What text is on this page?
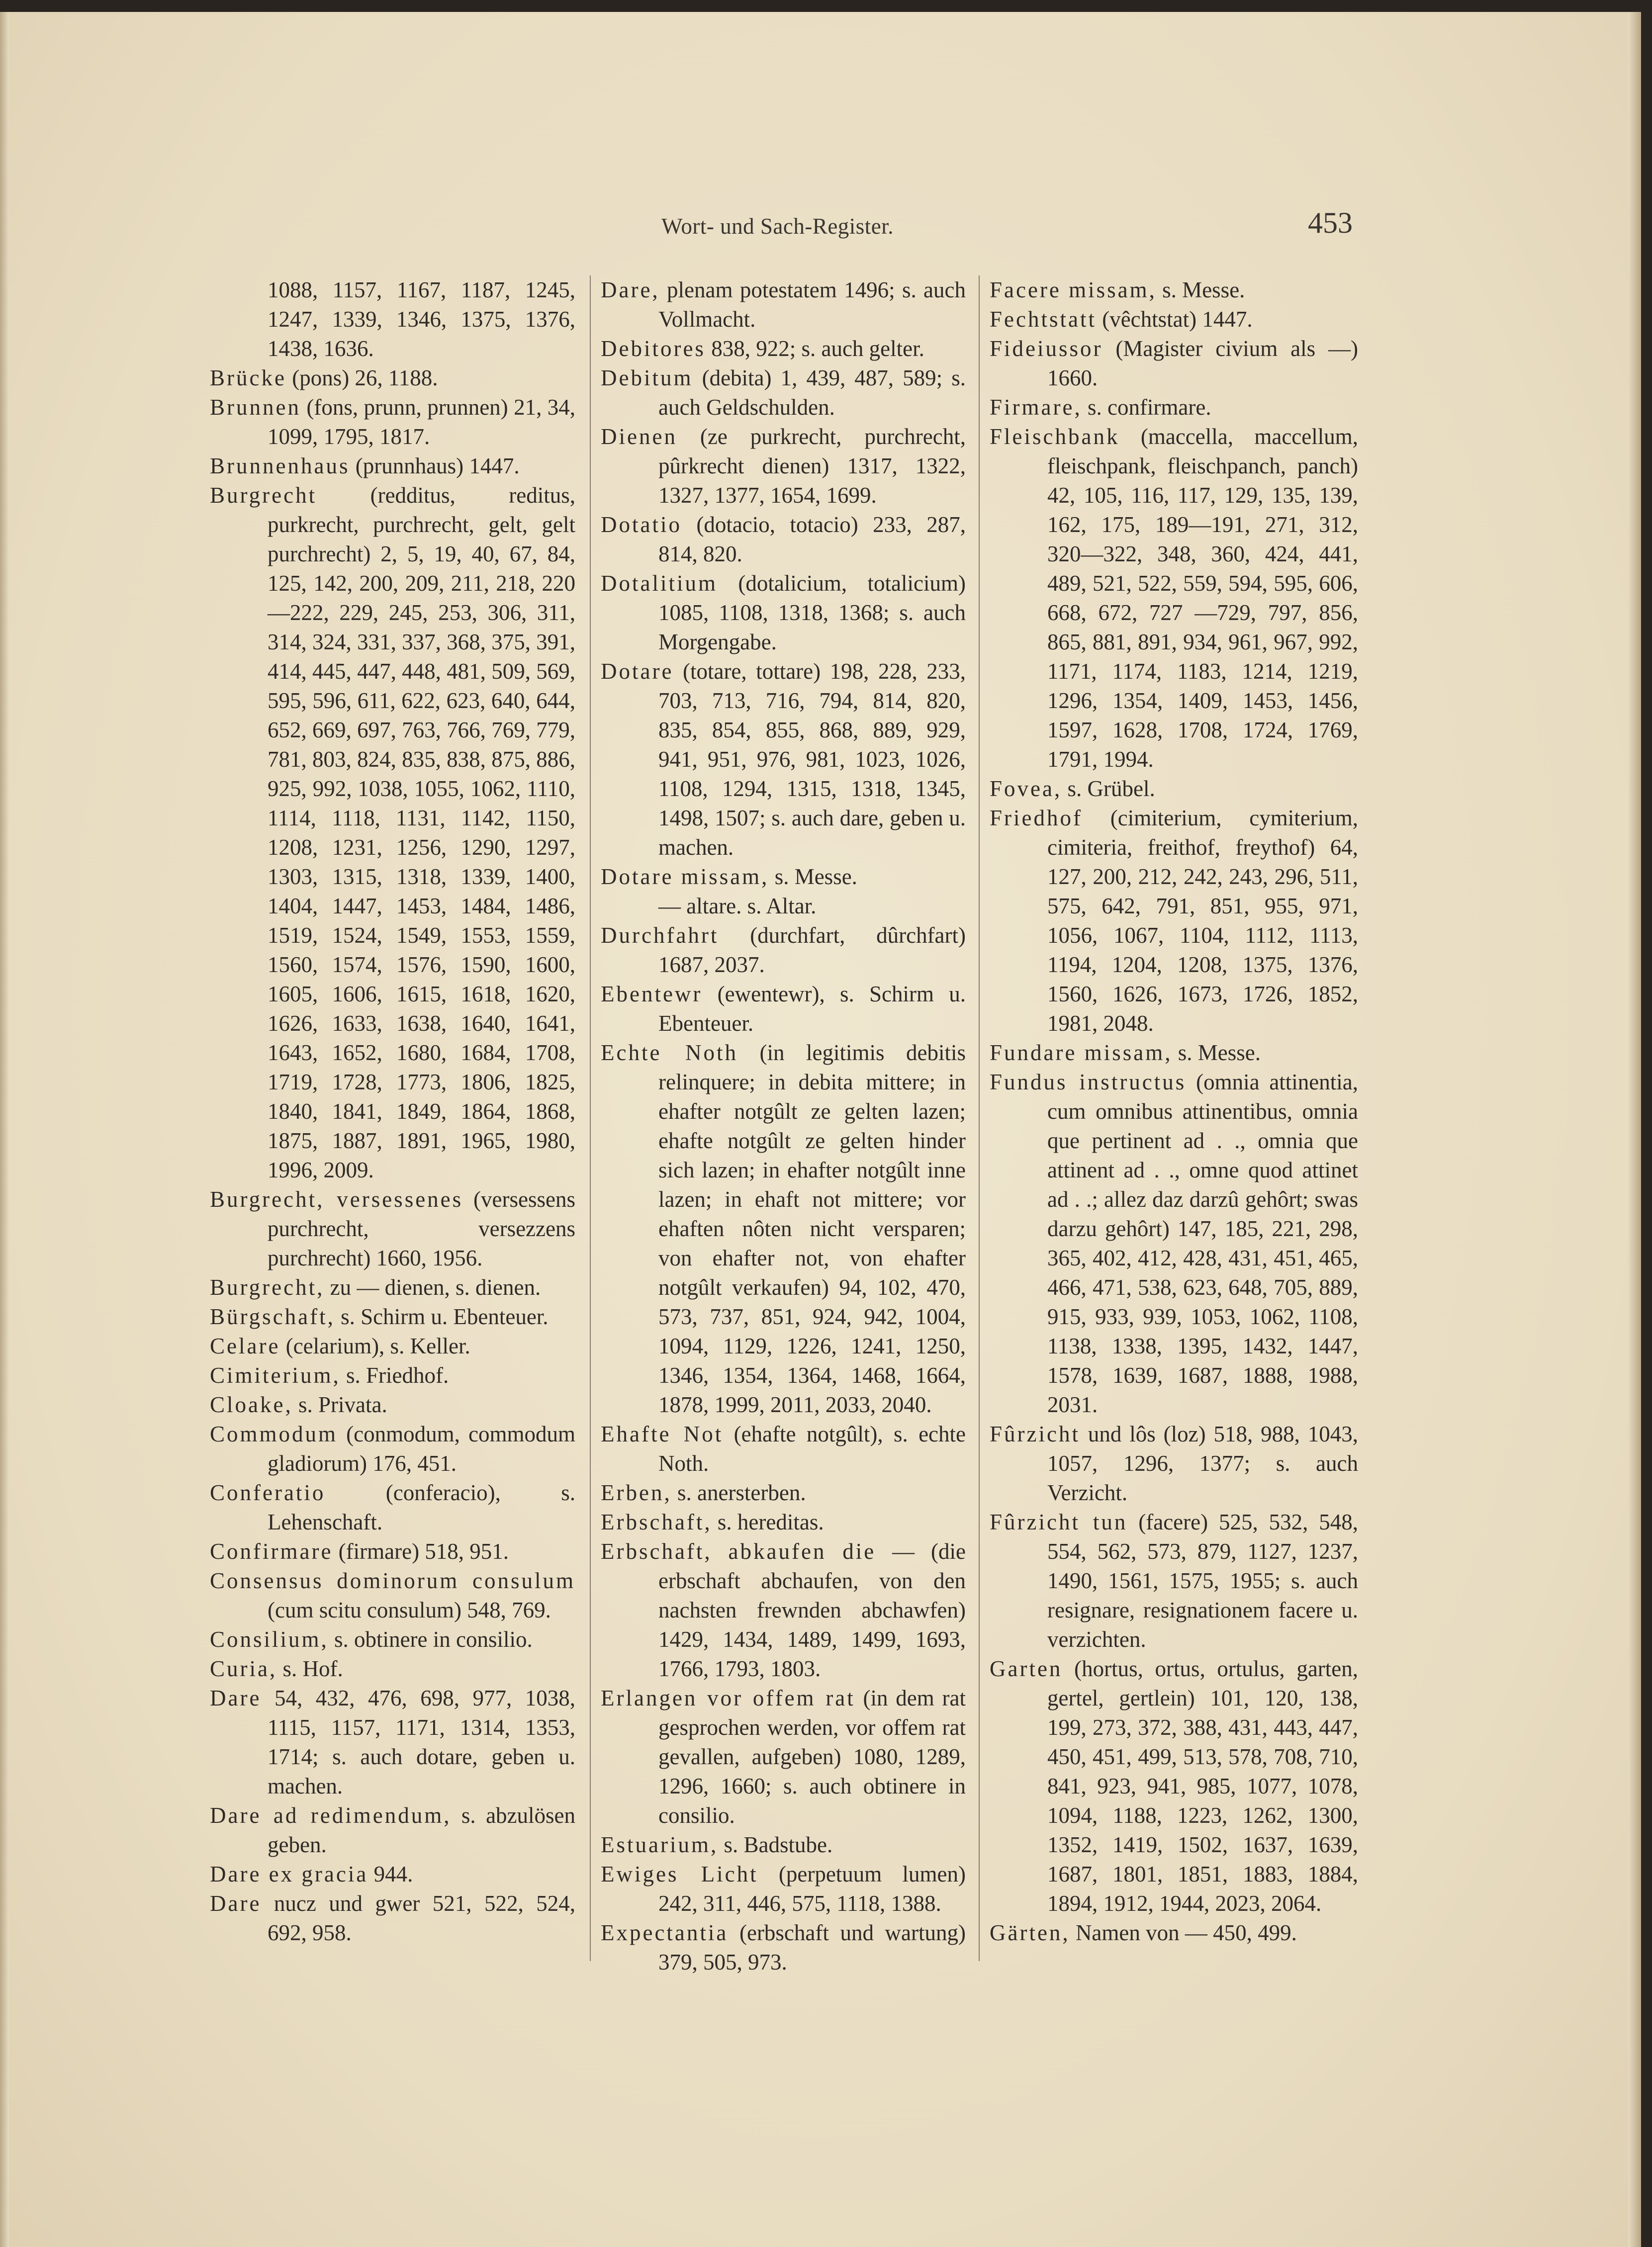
Wort- und Sach-Register.	453

1088, 1157, 1167, 1187, 1245, 1247, 1339, 1346, 1375, 1376, 1438, 1636.

Brücke (pons) 26, 1188.

Brunnen (fons, prunn, prunnen) 21, 34, 1099, 1795, 1817.

Brunnenhaus (prunnhaus) 1447.

Burgrecht (redditus, reditus, purkrecht, purchrecht, gelt, gelt purchrecht) 2, 5, 19, 40, 67, 84, 125, 142, 200, 209, 211, 218, 220—222, 229, 245, 253, 306, 311, 314, 324, 331, 337, 368, 375, 391, 414, 445, 447, 448, 481, 509, 569, 595, 596, 611, 622, 623, 640, 644, 652, 669, 697, 763, 766, 769, 779, 781, 803, 824, 835, 838, 875, 886, 925, 992, 1038, 1055, 1062, 1110, 1114, 1118, 1131, 1142, 1150, 1208, 1231, 1256, 1290, 1297, 1303, 1315, 1318, 1339, 1400, 1404, 1447, 1453, 1484, 1486, 1519, 1524, 1549, 1553, 1559, 1560, 1574, 1576, 1590, 1600, 1605, 1606, 1615, 1618, 1620, 1626, 1633, 1638, 1640, 1641, 1643, 1652, 1680, 1684, 1708, 1719, 1728, 1773, 1806, 1825, 1840, 1841, 1849, 1864, 1868, 1875, 1887, 1891, 1965, 1980, 1996, 2009.

Burgrecht, versessenes (versessens purchrecht, versezzens purchrecht) 1660, 1956.

Burgrecht, zu — dienen, s. dienen.

Bürgschaft, s. Schirm u. Ebenteuer.

Celare (celarium), s. Keller.

Cimiterium, s. Friedhof.

Cloake, s. Privata.

Commodum (conmodum, commodum gladiorum) 176, 451.

Conferatio (conferacio), s. Lehenschaft.

Confirmare (firmare) 518, 951.

Consensus dominorum consulum (cum scitu consulum) 548, 769.

Consilium, s. obtinere in consilio.

Curia, s. Hof.

Dare 54, 432, 476, 698, 977, 1038, 1115, 1157, 1171, 1314, 1353, 1714; s. auch dotare, geben u. machen.

Dare ad redimendum, s. abzulösen geben.

Dare ex gracia 944.

Dare nucz und gwer 521, 522, 524, 692, 958.

Dare, plenam potestatem 1496; s. auch Vollmacht.

Debitores 838, 922; s. auch gelter.

Debitum (debita) 1, 439, 487, 589; s. auch Geldschulden.

Dienen (ze purkrecht, purchrecht, pûrkrecht dienen) 1317, 1322, 1327, 1377, 1654, 1699.

Dotatio (dotacio, totacio) 233, 287, 814, 820.

Dotalitium (dotalicium, totalicium) 1085, 1108, 1318, 1368; s. auch Morgengabe.

Dotare (totare, tottare) 198, 228, 233, 703, 713, 716, 794, 814, 820, 835, 854, 855, 868, 889, 929, 941, 951, 976, 981, 1023, 1026, 1108, 1294, 1315, 1318, 1345, 1498, 1507; s. auch dare, geben u. machen.

Dotare missam, s. Messe.

— altare. s. Altar.

Durchfahrt (durchfart, dûrchfart) 1687, 2037.

Ebentewr (ewentewr), s. Schirm u. Ebenteuer.

Echte Noth (in legitimis debitis relinquere; in debita mittere; in ehafter notgûlt ze gelten lazen; ehafte notgûlt ze gelten hinder sich lazen; in ehafter notgûlt inne lazen; in ehaft not mittere; vor ehaften nôten nicht versparen; von ehafter not, von ehafter notgûlt verkaufen) 94, 102, 470, 573, 737, 851, 924, 942, 1004, 1094, 1129, 1226, 1241, 1250, 1346, 1354, 1364, 1468, 1664, 1878, 1999, 2011, 2033, 2040.

Ehafte Not (ehafte notgûlt), s. echte Noth.

Erben, s. anersterben.

Erbschaft, s. hereditas.

Erbschaft, abkaufen die — (die erbschaft abchaufen, von den nachsten frewnden abchawfen) 1429, 1434, 1489, 1499, 1693, 1766, 1793, 1803.

Erlangen vor offem rat (in dem rat gesprochen werden, vor offem rat gevallen, aufgeben) 1080, 1289, 1296, 1660; s. auch obtinere in consilio.

Estuarium, s. Badstube.

Ewiges Licht (perpetuum lumen) 242, 311, 446, 575, 1118, 1388.

Expectantia (erbschaft und wartung) 379, 505, 973.

Facere missam, s. Messe.

Fechtstatt (vêchtstat) 1447.

Fideiussor (Magister civium als —) 1660.

Firmare, s. confirmare.

Fleischbank (maccella, maccellum, fleischpank, fleischpanch, panch) 42, 105, 116, 117, 129, 135, 139, 162, 175, 189—191, 271, 312, 320—322, 348, 360, 424, 441, 489, 521, 522, 559, 594, 595, 606, 668, 672, 727 —729, 797, 856, 865, 881, 891, 934, 961, 967, 992, 1171, 1174, 1183, 1214, 1219, 1296, 1354, 1409, 1453, 1456, 1597, 1628, 1708, 1724, 1769, 1791, 1994.

Fovea, s. Grübel.

Friedhof (cimiterium, cymiterium, cimiteria, freithof, freythof) 64, 127, 200, 212, 242, 243, 296, 511, 575, 642, 791, 851, 955, 971, 1056, 1067, 1104, 1112, 1113, 1194, 1204, 1208, 1375, 1376, 1560, 1626, 1673, 1726, 1852, 1981, 2048.

Fundare missam, s. Messe.

Fundus instructus (omnia attinentia, cum omnibus attinentibus, omnia que pertinent ad . ., omnia que attinent ad . ., omne quod attinet ad . .; allez daz darzû gehôrt; swas darzu gehôrt) 147, 185, 221, 298, 365, 402, 412, 428, 431, 451, 465, 466, 471, 538, 623, 648, 705, 889, 915, 933, 939, 1053, 1062, 1108, 1138, 1338, 1395, 1432, 1447, 1578, 1639, 1687, 1888, 1988, 2031.

Fûrzicht und lôs (loz) 518, 988, 1043, 1057, 1296, 1377; s. auch Verzicht.

Fûrzicht tun (facere) 525, 532, 548, 554, 562, 573, 879, 1127, 1237, 1490, 1561, 1575, 1955; s. auch resignare, resignationem facere u. verzichten.

Garten (hortus, ortus, ortulus, garten, gertel, gertlein) 101, 120, 138, 199, 273, 372, 388, 431, 443, 447, 450, 451, 499, 513, 578, 708, 710, 841, 923, 941, 985, 1077, 1078, 1094, 1188, 1223, 1262, 1300, 1352, 1419, 1502, 1637, 1639, 1687, 1801, 1851, 1883, 1884, 1894, 1912, 1944, 2023, 2064.

Gärten, Namen von — 450, 499.
